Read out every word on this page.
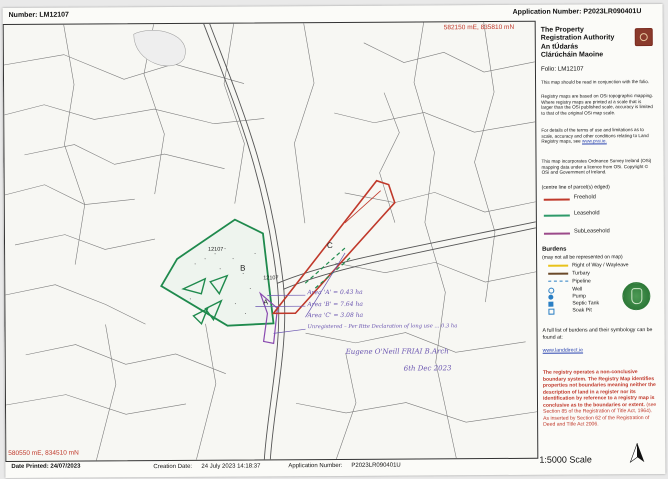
Number: LM12107	Application Number: P2023LR090401U
582150 mE, 835810 mN
580550 mE, 834510 mN
12107
12107
B
A
C
Area 'A' = 0.43 ha
Area 'B' = 7.64 ha
Area 'C' = 3.08 ha
Unregistered – Per Rtte Declaration of long use ... 0.3 ha
Eugene O'Neill FRIAI B.Arch
6th Dec 2023
The Property
Registration Authority
An tÚdarás
Clárúcháin Maoine
Folio: LM12107
This map should be read in conjunction with the folio.
Registry maps are based on OSi topographic mapping. Where registry maps are printed at a scale that is larger than the OSi published scale, accuracy is limited to that of the original OSi map scale.
For details of the terms of use and limitations as to scale, accuracy and other conditions relating to Land Registry maps, see www.prai.ie.
This map incorporates Ordnance Survey Ireland (OSi) mapping data under a licence from OSi. Copyright © OSi and Government of Ireland.
(centre line of parcel(s) edged)
Freehold
Leasehold
SubLeasehold
Burdens
(may not all be represented on map)
Right of Way / Wayleave
Turbary
Pipeline
Well
Pump
Septic Tank
Soak Pit
A full list of burdens and their symbology can be found at:
www.landdirect.ie
The registry operates a non-conclusive boundary system. The Registry Map identifies properties not boundaries meaning neither the description of land in a register nor its identification by reference to a registry map is conclusive as to the boundaries or extent. (see Section 85 of the Registration of Title Act, 1964). As inserted by Section 62 of the Registration of Deed and Title Act 2006.
Date Printed: 24/07/2023	Creation Date: 24 July 2023 14:18:37	Application Number: P2023LR090401U
1:5000 Scale
